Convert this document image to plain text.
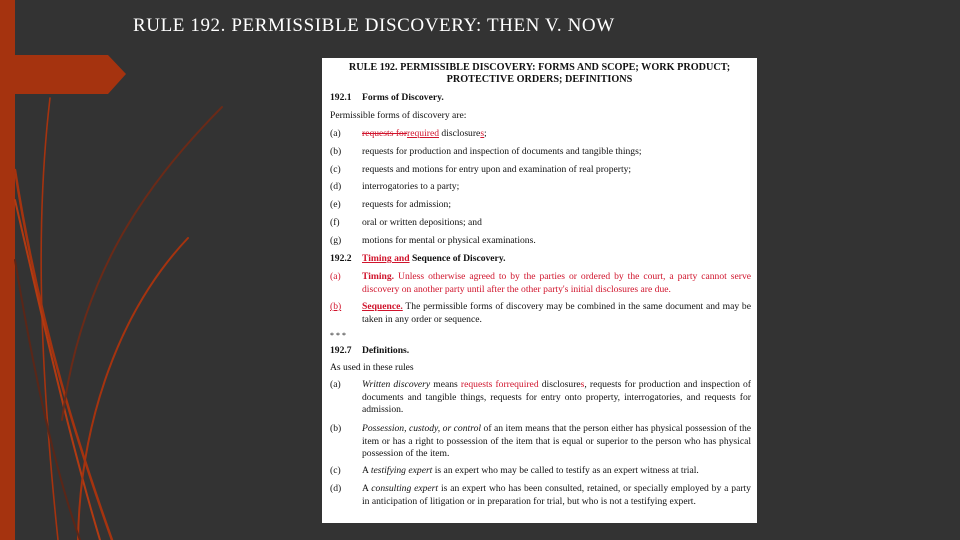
RULE 192. PERMISSIBLE DISCOVERY: THEN V. NOW
RULE 192. PERMISSIBLE DISCOVERY: FORMS AND SCOPE; WORK PRODUCT; PROTECTIVE ORDERS; DEFINITIONS
192.1 Forms of Discovery.
Permissible forms of discovery are:
(a) requests forrequired disclosures;
(b) requests for production and inspection of documents and tangible things;
(c) requests and motions for entry upon and examination of real property;
(d) interrogatories to a party;
(e) requests for admission;
(f) oral or written depositions; and
(g) motions for mental or physical examinations.
192.2 Timing and Sequence of Discovery.
(a) Timing. Unless otherwise agreed to by the parties or ordered by the court, a party cannot serve discovery on another party until after the other party's initial disclosures are due.
(b) Sequence. The permissible forms of discovery may be combined in the same document and may be taken in any order or sequence.
* * *
192.7 Definitions.
As used in these rules
(a) Written discovery means requests forrequired disclosures, requests for production and inspection of documents and tangible things, requests for entry onto property, interrogatories, and requests for admission.
(b) Possession, custody, or control of an item means that the person either has physical possession of the item or has a right to possession of the item that is equal or superior to the person who has physical possession of the item.
(c) A testifying expert is an expert who may be called to testify as an expert witness at trial.
(d) A consulting expert is an expert who has been consulted, retained, or specially employed by a party in anticipation of litigation or in preparation for trial, but who is not a testifying expert.
